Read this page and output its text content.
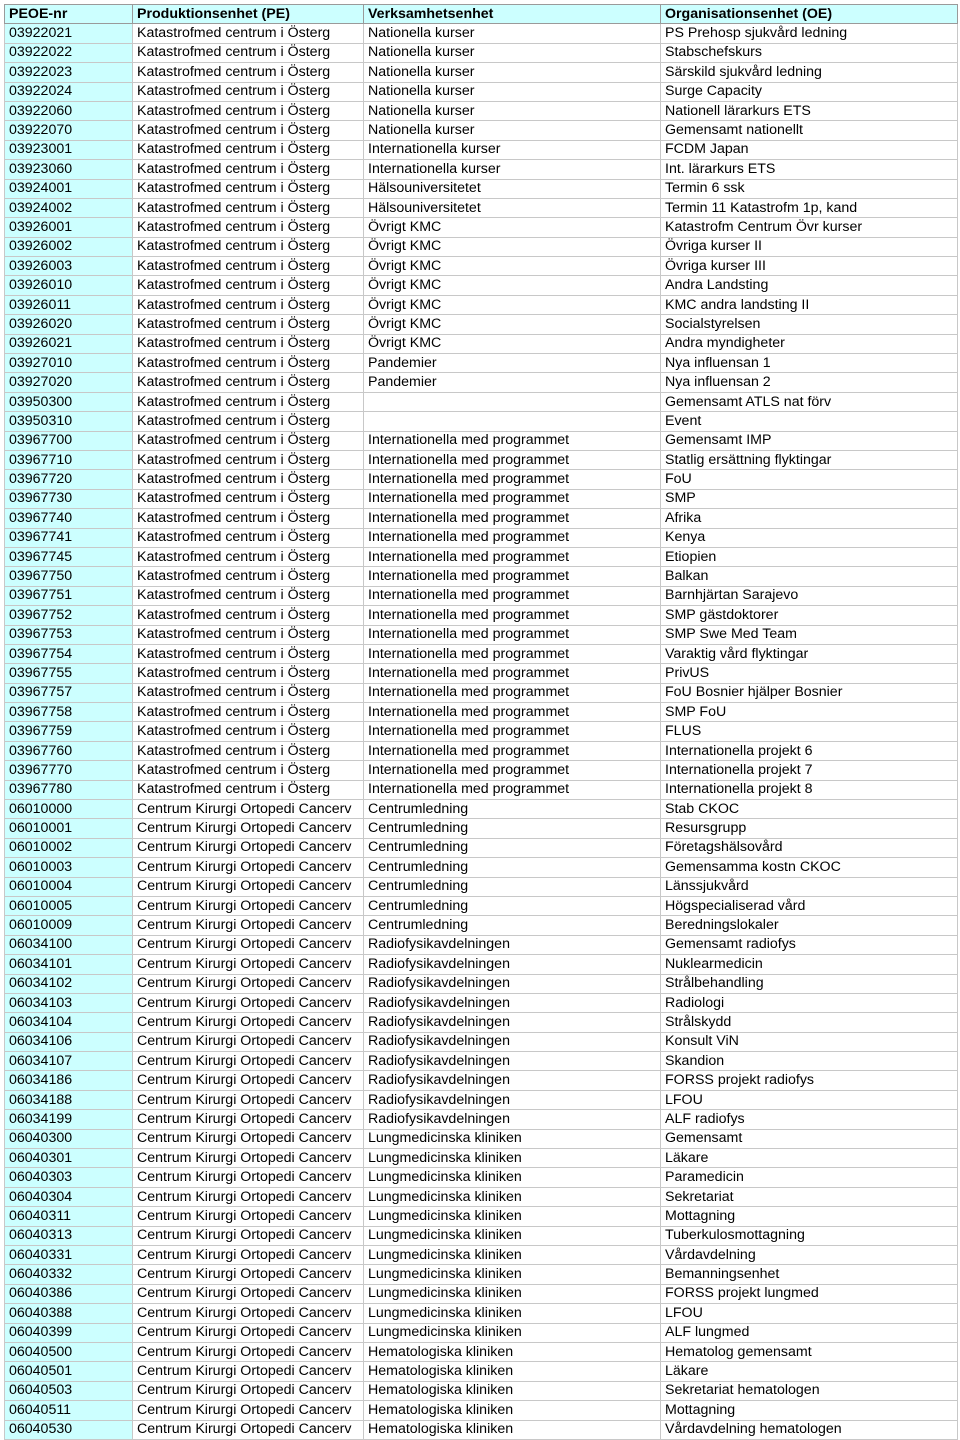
PEOE-nr	Produktionsenhet (PE)	Verksamhetsenhet	Organisationsenhet (OE)
03922021	Katastrofmed centrum i Österg	Nationella kurser	PS Prehosp sjukvård ledning
03922022	Katastrofmed centrum i Österg	Nationella kurser	Stabschefskurs
03922023	Katastrofmed centrum i Österg	Nationella kurser	Särskild sjukvård ledning
03922024	Katastrofmed centrum i Österg	Nationella kurser	Surge Capacity
03922060	Katastrofmed centrum i Österg	Nationella kurser	Nationell lärarkurs ETS
03922070	Katastrofmed centrum i Österg	Nationella kurser	Gemensamt nationellt
03923001	Katastrofmed centrum i Österg	Internationella kurser	FCDM Japan
03923060	Katastrofmed centrum i Österg	Internationella kurser	Int. lärarkurs ETS
03924001	Katastrofmed centrum i Österg	Hälsouniversitetet	Termin 6 ssk
03924002	Katastrofmed centrum i Österg	Hälsouniversitetet	Termin 11 Katastrofm 1p, kand
03926001	Katastrofmed centrum i Österg	Övrigt KMC	Katastrofm Centrum Övr kurser
03926002	Katastrofmed centrum i Österg	Övrigt KMC	Övriga kurser II
03926003	Katastrofmed centrum i Österg	Övrigt KMC	Övriga kurser III
03926010	Katastrofmed centrum i Österg	Övrigt KMC	Andra Landsting
03926011	Katastrofmed centrum i Österg	Övrigt KMC	KMC andra landsting II
03926020	Katastrofmed centrum i Österg	Övrigt KMC	Socialstyrelsen
03926021	Katastrofmed centrum i Österg	Övrigt KMC	Andra myndigheter
03927010	Katastrofmed centrum i Österg	Pandemier	Nya influensan 1
03927020	Katastrofmed centrum i Österg	Pandemier	Nya influensan 2
03950300	Katastrofmed centrum i Österg		Gemensamt ATLS nat förv
03950310	Katastrofmed centrum i Österg		Event
03967700	Katastrofmed centrum i Österg	Internationella med programmet	Gemensamt IMP
03967710	Katastrofmed centrum i Österg	Internationella med programmet	Statlig ersättning flyktingar
03967720	Katastrofmed centrum i Österg	Internationella med programmet	FoU
03967730	Katastrofmed centrum i Österg	Internationella med programmet	SMP
03967740	Katastrofmed centrum i Österg	Internationella med programmet	Afrika
03967741	Katastrofmed centrum i Österg	Internationella med programmet	Kenya
03967745	Katastrofmed centrum i Österg	Internationella med programmet	Etiopien
03967750	Katastrofmed centrum i Österg	Internationella med programmet	Balkan
03967751	Katastrofmed centrum i Österg	Internationella med programmet	Barnhjärtan Sarajevo
03967752	Katastrofmed centrum i Österg	Internationella med programmet	SMP gästdoktorer
03967753	Katastrofmed centrum i Österg	Internationella med programmet	SMP Swe Med Team
03967754	Katastrofmed centrum i Österg	Internationella med programmet	Varaktig vård flyktingar
03967755	Katastrofmed centrum i Österg	Internationella med programmet	PrivUS
03967757	Katastrofmed centrum i Österg	Internationella med programmet	FoU Bosnier hjälper Bosnier
03967758	Katastrofmed centrum i Österg	Internationella med programmet	SMP FoU
03967759	Katastrofmed centrum i Österg	Internationella med programmet	FLUS
03967760	Katastrofmed centrum i Österg	Internationella med programmet	Internationella projekt 6
03967770	Katastrofmed centrum i Österg	Internationella med programmet	Internationella projekt 7
03967780	Katastrofmed centrum i Österg	Internationella med programmet	Internationella projekt 8
06010000	Centrum Kirurgi Ortopedi Cancerv	Centrumledning	Stab CKOC
06010001	Centrum Kirurgi Ortopedi Cancerv	Centrumledning	Resursgrupp
06010002	Centrum Kirurgi Ortopedi Cancerv	Centrumledning	Företagshälsovård
06010003	Centrum Kirurgi Ortopedi Cancerv	Centrumledning	Gemensamma kostn CKOC
06010004	Centrum Kirurgi Ortopedi Cancerv	Centrumledning	Länssjukvård
06010005	Centrum Kirurgi Ortopedi Cancerv	Centrumledning	Högspecialiserad vård
06010009	Centrum Kirurgi Ortopedi Cancerv	Centrumledning	Beredningslokaler
06034100	Centrum Kirurgi Ortopedi Cancerv	Radiofysikavdelningen	Gemensamt radiofys
06034101	Centrum Kirurgi Ortopedi Cancerv	Radiofysikavdelningen	Nuklearmedicin
06034102	Centrum Kirurgi Ortopedi Cancerv	Radiofysikavdelningen	Strålbehandling
06034103	Centrum Kirurgi Ortopedi Cancerv	Radiofysikavdelningen	Radiologi
06034104	Centrum Kirurgi Ortopedi Cancerv	Radiofysikavdelningen	Strålskydd
06034106	Centrum Kirurgi Ortopedi Cancerv	Radiofysikavdelningen	Konsult ViN
06034107	Centrum Kirurgi Ortopedi Cancerv	Radiofysikavdelningen	Skandion
06034186	Centrum Kirurgi Ortopedi Cancerv	Radiofysikavdelningen	FORSS projekt radiofys
06034188	Centrum Kirurgi Ortopedi Cancerv	Radiofysikavdelningen	LFOU
06034199	Centrum Kirurgi Ortopedi Cancerv	Radiofysikavdelningen	ALF radiofys
06040300	Centrum Kirurgi Ortopedi Cancerv	Lungmedicinska kliniken	Gemensamt
06040301	Centrum Kirurgi Ortopedi Cancerv	Lungmedicinska kliniken	Läkare
06040303	Centrum Kirurgi Ortopedi Cancerv	Lungmedicinska kliniken	Paramedicin
06040304	Centrum Kirurgi Ortopedi Cancerv	Lungmedicinska kliniken	Sekretariat
06040311	Centrum Kirurgi Ortopedi Cancerv	Lungmedicinska kliniken	Mottagning
06040313	Centrum Kirurgi Ortopedi Cancerv	Lungmedicinska kliniken	Tuberkulosmottagning
06040331	Centrum Kirurgi Ortopedi Cancerv	Lungmedicinska kliniken	Vårdavdelning
06040332	Centrum Kirurgi Ortopedi Cancerv	Lungmedicinska kliniken	Bemanningsenhet
06040386	Centrum Kirurgi Ortopedi Cancerv	Lungmedicinska kliniken	FORSS projekt lungmed
06040388	Centrum Kirurgi Ortopedi Cancerv	Lungmedicinska kliniken	LFOU
06040399	Centrum Kirurgi Ortopedi Cancerv	Lungmedicinska kliniken	ALF lungmed
06040500	Centrum Kirurgi Ortopedi Cancerv	Hematologiska kliniken	Hematolog gemensamt
06040501	Centrum Kirurgi Ortopedi Cancerv	Hematologiska kliniken	Läkare
06040503	Centrum Kirurgi Ortopedi Cancerv	Hematologiska kliniken	Sekretariat hematologen
06040511	Centrum Kirurgi Ortopedi Cancerv	Hematologiska kliniken	Mottagning
06040530	Centrum Kirurgi Ortopedi Cancerv	Hematologiska kliniken	Vårdavdelning hematologen
